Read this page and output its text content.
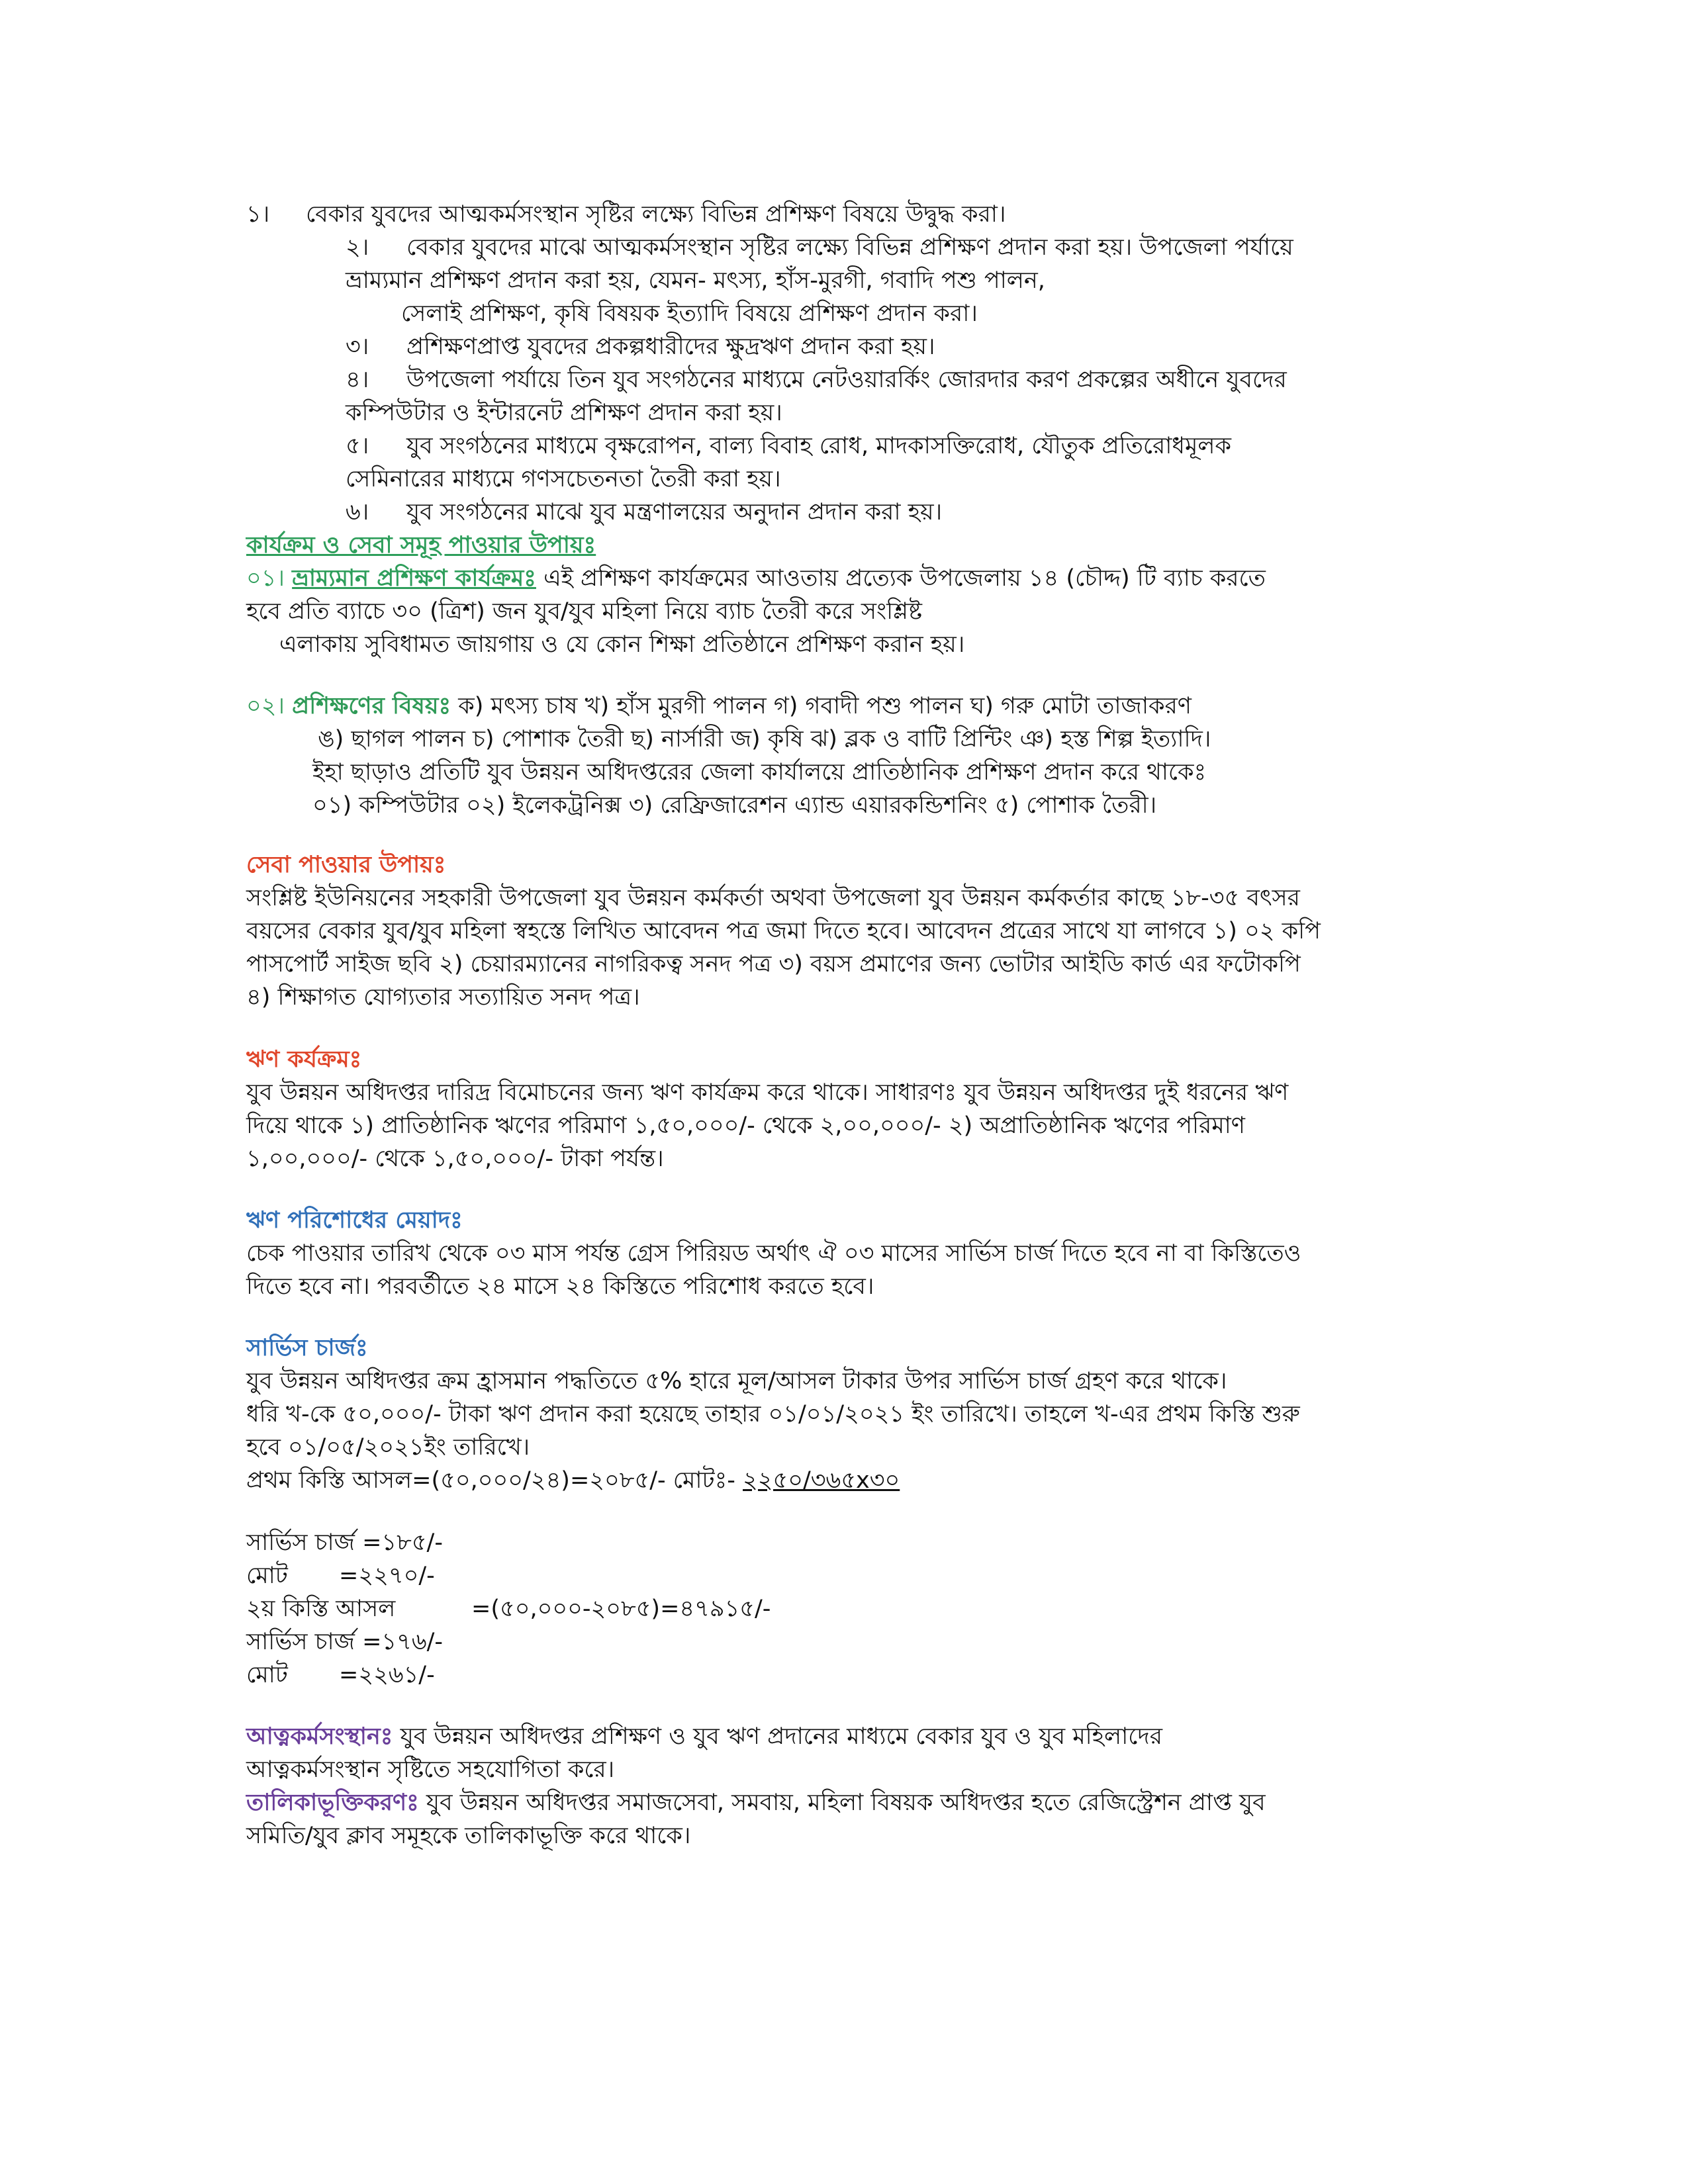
১। বেকার যুবদের আত্মকর্মসংস্থান সৃষ্টির লক্ষ্যে বিভিন্ন প্রশিক্ষণ বিষয়ে উদ্বুদ্ধ করা।
২। বেকার যুবদের মাঝে আত্মকর্মসংস্থান সৃষ্টির লক্ষ্যে বিভিন্ন প্রশিক্ষণ প্রদান করা হয়। উপজেলা পর্যায়ে
ভ্রাম্যমান প্রশিক্ষণ প্রদান করা হয়, যেমন- মৎস্য, হাঁস-মুরগী, গবাদি পশু পালন,
সেলাই প্রশিক্ষণ, কৃষি বিষয়ক ইত্যাদি বিষয়ে প্রশিক্ষণ প্রদান করা।
৩। প্রশিক্ষণপ্রাপ্ত যুবদের প্রকল্পধারীদের ক্ষুদ্রঋণ প্রদান করা হয়।
৪। উপজেলা পর্যায়ে তিন যুব সংগঠনের মাধ্যমে নেটওয়ারর্কিং জোরদার করণ প্রকল্পের অধীনে যুবদের
কম্পিউটার ও ইন্টারনেট প্রশিক্ষণ প্রদান করা হয়।
৫। যুব সংগঠনের মাধ্যমে বৃক্ষরোপন, বাল্য বিবাহ রোধ, মাদকাসক্তিরোধ, যৌতুক প্রতিরোধমূলক
সেমিনারের মাধ্যমে গণসচেতনতা তৈরী করা হয়।
৬। যুব সংগঠনের মাঝে যুব মন্ত্রণালয়ের অনুদান প্রদান করা হয়।
কার্যক্রম ও সেবা সমূহ পাওয়ার উপায়ঃ
০১। ভ্রাম্যমান প্রশিক্ষণ কার্যক্রমঃ এই প্রশিক্ষণ কার্যক্রমের আওতায় প্রত্যেক উপজেলায় ১৪ (চৌদ্দ) টি ব্যাচ করতে
হবে প্রতি ব্যাচে ৩০ (ত্রিশ) জন যুব/যুব মহিলা নিয়ে ব্যাচ তৈরী করে সংশ্লিষ্ট
এলাকায় সুবিধামত জায়গায় ও যে কোন শিক্ষা প্রতিষ্ঠানে প্রশিক্ষণ করান হয়।
০২। প্রশিক্ষণের বিষয়ঃ ক) মৎস্য চাষ খ) হাঁস মুরগী পালন গ) গবাদী পশু পালন ঘ) গরু মোটা তাজাকরণ
ঙ) ছাগল পালন চ) পোশাক তৈরী ছ) নার্সারী জ) কৃষি ঝ) ব্লক ও বাটি প্রিন্টিং ঞ) হস্ত শিল্প ইত্যাদি।
ইহা ছাড়াও প্রতিটি যুব উন্নয়ন অধিদপ্তরের জেলা কার্যালয়ে প্রাতিষ্ঠানিক প্রশিক্ষণ প্রদান করে থাকেঃ
০১) কম্পিউটার ০২) ইলেকট্রনিক্স ৩) রেফ্রিজারেশন এ্যান্ড এয়ারকন্ডিশনিং ৫) পোশাক তৈরী।
সেবা পাওয়ার উপায়ঃ
সংশ্লিষ্ট ইউনিয়নের সহকারী উপজেলা যুব উন্নয়ন কর্মকর্তা অথবা উপজেলা যুব উন্নয়ন কর্মকর্তার কাছে ১৮-৩৫ বৎসর
বয়সের বেকার যুব/যুব মহিলা স্বহস্তে লিখিত আবেদন পত্র জমা দিতে হবে। আবেদন প্রত্রের সাথে যা লাগবে ১) ০২ কপি
পাসপোর্ট সাইজ ছবি ২) চেয়ারম্যানের নাগরিকত্ব সনদ পত্র ৩) বয়স প্রমাণের জন্য ভোটার আইডি কার্ড এর ফটোকপি
৪) শিক্ষাগত যোগ্যতার সত্যায়িত সনদ পত্র।
ঋণ কর্যক্রমঃ
যুব উন্নয়ন অধিদপ্তর দারিদ্র বিমোচনের জন্য ঋণ কার্যক্রম করে থাকে। সাধারণঃ যুব উন্নয়ন অধিদপ্তর দুই ধরনের ঋণ
দিয়ে থাকে ১) প্রাতিষ্ঠানিক ঋণের পরিমাণ ১,৫০,০০০/- থেকে ২,০০,০০০/- ২) অপ্রাতিষ্ঠানিক ঋণের পরিমাণ
১,০০,০০০/- থেকে ১,৫০,০০০/- টাকা পর্যন্ত।
ঋণ পরিশোধের মেয়াদঃ
চেক পাওয়ার তারিখ থেকে ০৩ মাস পর্যন্ত গ্রেস পিরিয়ড অর্থাৎ ঐ ০৩ মাসের সার্ভিস চার্জ দিতে হবে না বা কিস্তিতেও
দিতে হবে না। পরবর্তীতে ২৪ মাসে ২৪ কিস্তিতে পরিশোধ করতে হবে।
সার্ভিস চার্জঃ
যুব উন্নয়ন অধিদপ্তর ক্রম হ্রাসমান পদ্ধতিতে ৫% হারে মূল/আসল টাকার উপর সার্ভিস চার্জ গ্রহণ করে থাকে।
ধরি খ-কে ৫০,০০০/- টাকা ঋণ প্রদান করা হয়েছে তাহার ০১/০১/২০২১ ইং তারিখে। তাহলে খ-এর প্রথম কিস্তি শুরু
হবে ০১/০৫/২০২১ইং তারিখে।
প্রথম কিস্তি আসল=(৫০,০০০/২৪)=২০৮৫/- মোটঃ- ২২৫০/৩৬৫x৩০
সার্ভিস চার্জ =১৮৫/-
মোট =২২৭০/-
২য় কিস্তি আসল	=(৫০,০০০-২০৮৫)=৪৭৯১৫/-
সার্ভিস চার্জ =১৭৬/-
মোট =২২৬১/-
আত্নকর্মসংস্থানঃ যুব উন্নয়ন অধিদপ্তর প্রশিক্ষণ ও যুব ঋণ প্রদানের মাধ্যমে বেকার যুব ও যুব মহিলাদের
আত্নকর্মসংস্থান সৃষ্টিতে সহযোগিতা করে।
তালিকাভূক্তিকরণঃ যুব উন্নয়ন অধিদপ্তর সমাজসেবা, সমবায়, মহিলা বিষয়ক অধিদপ্তর হতে রেজিস্ট্রেশন প্রাপ্ত যুব
সমিতি/যুব ক্লাব সমূহকে তালিকাভূক্তি করে থাকে।
